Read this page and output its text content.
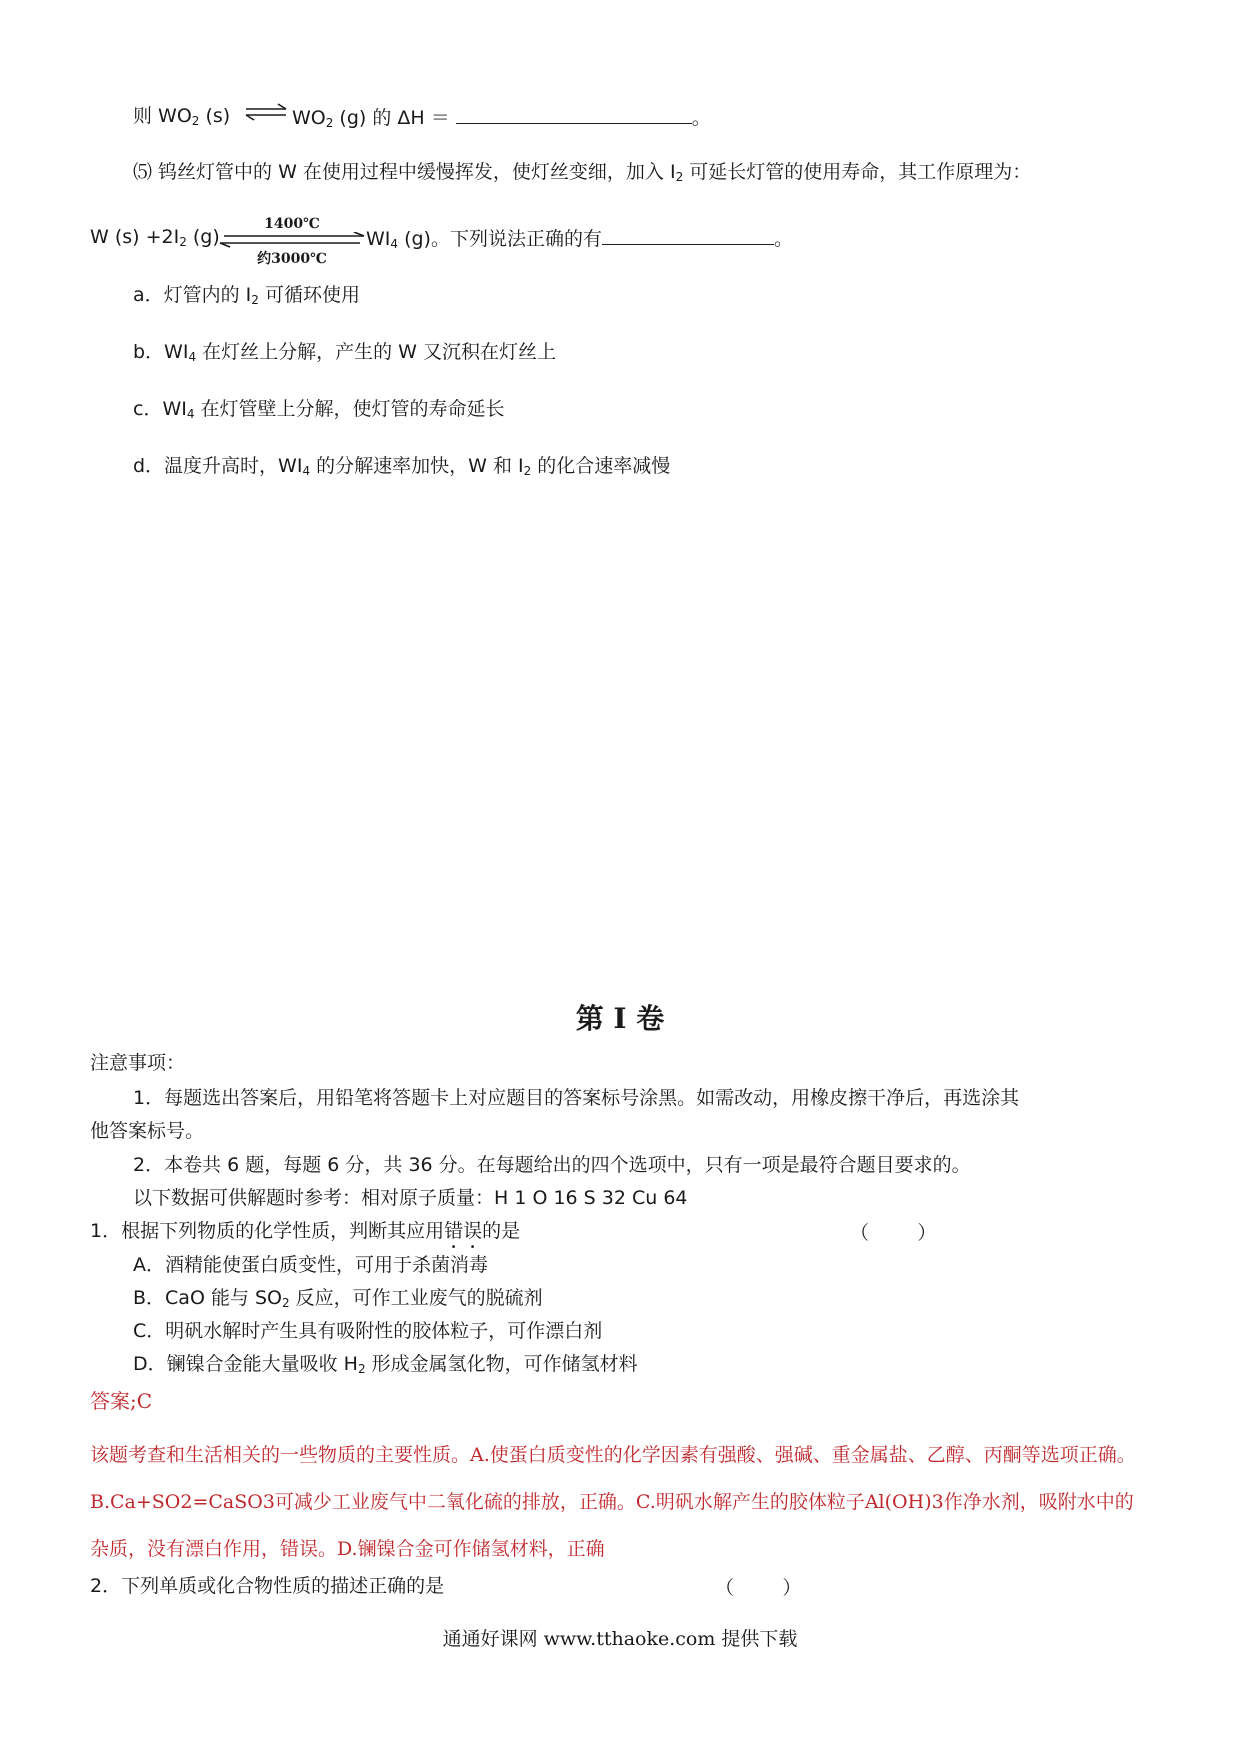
则 $WO_2$ (s) ⇌ $WO_2$ (g) 的 ΔH ＝	。
⑸ 钨丝灯管中的 W 在使用过程中缓慢挥发，使灯丝变细，加入 $I_2$ 可延长灯管的使用寿命，其工作原理为：
W $(s) +2I_2$ (g)
1400℃
约3000℃
$WI_4$ (g)。下列说法正确的有	。
a．灯管内的 $I_2$ 可循环使用
b．$WI_4$ 在灯丝上分解，产生的 W 又沉积在灯丝上
c．$WI_4$ 在灯管壁上分解，使灯管的寿命延长
d．温度升高时，$WI_4$ 的分解速率加快，W 和 $I_2$ 的化合速率减慢
第 I 卷
注意事项：
1．每题选出答案后，用铅笔将答题卡上对应题目的答案标号涂黑。如需改动，用橡皮擦干净后，再选涂其
他答案标号。
2．本卷共 6 题，每题 6 分，共 36 分。在每题给出的四个选项中，只有一项是最符合题目要求的。
以下数据可供解题时参考：相对原子质量：H 1 O 16 S 32 Cu 64
1．根据下列物质的化学性质，判断其应用错误的是	（        ）
A．酒精能使蛋白质变性，可用于杀菌消毒
B．CaO 能与 $SO_2$ 反应，可作工业废气的脱硫剂
C．明矾水解时产生具有吸附性的胶体粒子，可作漂白剂
D．镧镍合金能大量吸收 $H_2$ 形成金属氢化物，可作储氢材料
答案;C
该题考查和生活相关的一些物质的主要性质。A.使蛋白质变性的化学因素有强酸、强碱、重金属盐、乙醇、丙酮等选项正确。B.Ca+SO2=CaSO3可减少工业废气中二氧化硫的排放，正确。C.明矾水解产生的胶体粒子Al(OH)3作净水剂，吸附水中的杂质，没有漂白作用，错误。D.镧镍合金可作储氢材料，正确
2．下列单质或化合物性质的描述正确的是	（        ）
通通好课网 www.tthaoke.com 提供下载
